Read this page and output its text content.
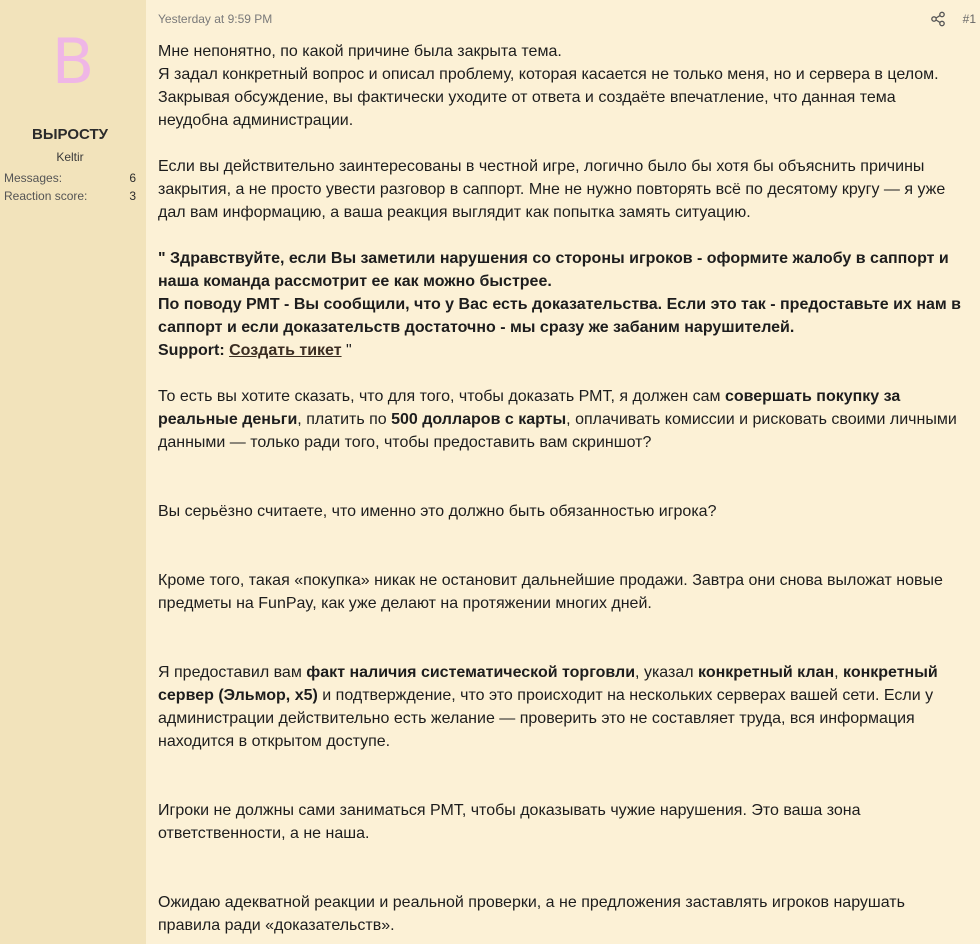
B
ВЫРОСТУ
Keltir
Messages:	6
Reaction score:	3
Yesterday at 9:59 PM	#1

Мне непонятно, по какой причине была закрыта тема.
Я задал конкретный вопрос и описал проблему, которая касается не только меня, но и сервера в целом.
Закрывая обсуждение, вы фактически уходите от ответа и создаёте впечатление, что данная тема
неудобна администрации.

Если вы действительно заинтересованы в честной игре, логично было бы хотя бы объяснить причины
закрытия, а не просто увести разговор в саппорт. Мне не нужно повторять всё по десятому кругу — я уже
дал вам информацию, а ваша реакция выглядит как попытка замять ситуацию.

" Здравствуйте, если Вы заметили нарушения со стороны игроков - оформите жалобу в саппорт и
наша команда рассмотрит ее как можно быстрее.
По поводу РМТ - Вы сообщили, что у Вас есть доказательства. Если это так - предоставьте их нам в
саппорт и если доказательств достаточно - мы сразу же забаним нарушителей.
Support: Создать тикет "

То есть вы хотите сказать, что для того, чтобы доказать РМТ, я должен сам совершать покупку за
реальные деньги, платить по 500 долларов с карты, оплачивать комиссии и рисковать своими личными
данными — только ради того, чтобы предоставить вам скриншот?

Вы серьёзно считаете, что именно это должно быть обязанностью игрока?

Кроме того, такая «покупка» никак не остановит дальнейшие продажи. Завтра они снова выложат новые
предметы на FunPay, как уже делают на протяжении многих дней.

Я предоставил вам факт наличия систематической торговли, указал конкретный клан, конкретный
сервер (Эльмор, x5) и подтверждение, что это происходит на нескольких серверах вашей сети. Если у
администрации действительно есть желание — проверить это не составляет труда, вся информация
находится в открытом доступе.

Игроки не должны сами заниматься РМТ, чтобы доказывать чужие нарушения. Это ваша зона
ответственности, а не наша.

Ожидаю адекватной реакции и реальной проверки, а не предложения заставлять игроков нарушать
правила ради «доказательств».
